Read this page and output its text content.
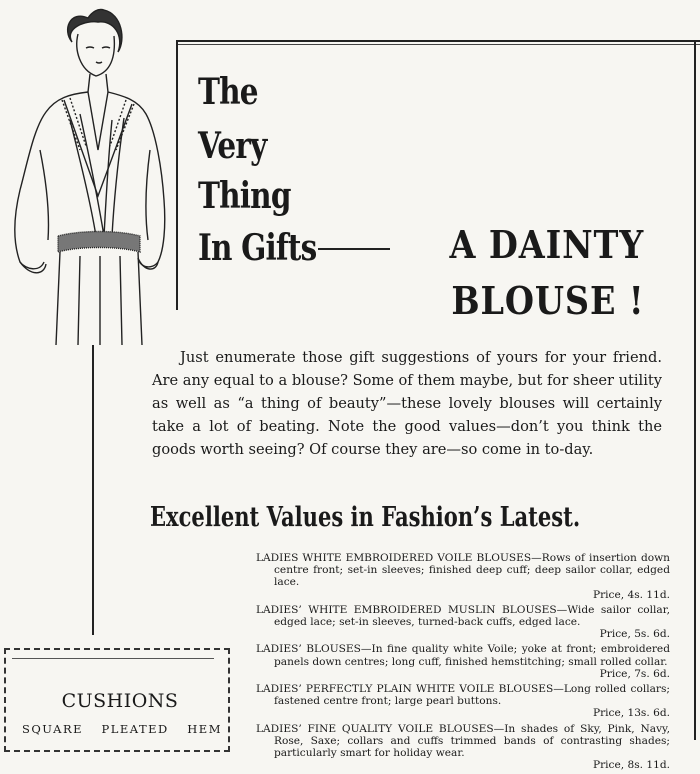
The
Very
Thing
In Gifts	A DAINTY
BLOUSE !
Just enumerate those gift suggestions of yours for your friend. Are any equal to a blouse? Some of them maybe, but for sheer utility as well as “a thing of beauty”—these lovely blouses will certainly take a lot of beating. Note the good values—don’t you think the goods worth seeing? Of course they are—so come in to-day.
Excellent Values in Fashion’s Latest.
LADIES WHITE EMBROIDERED VOILE BLOUSES—Rows of insertion down centre front; set-in sleeves; finished deep cuff; deep sailor collar, edged lace.
Price, 4s. 11d.
LADIES’ WHITE EMBROIDERED MUSLIN BLOUSES—Wide sailor collar, edged lace; set-in sleeves, turned-back cuffs, edged lace.
Price, 5s. 6d.
LADIES’ BLOUSES—In fine quality white Voile; yoke at front; embroidered panels down centres; long cuff, finished hemstitching; small rolled collar.
Price, 7s. 6d.
LADIES’ PERFECTLY PLAIN WHITE VOILE BLOUSES—Long rolled collars; fastened centre front; large pearl buttons.
Price, 13s. 6d.
LADIES’ FINE QUALITY VOILE BLOUSES—In shades of Sky, Pink, Navy, Rose, Saxe; collars and cuffs trimmed bands of contrasting shades; particularly smart for holiday wear.
Price, 8s. 11d.
CUSHIONS
SQUARE PLEATED HEM
